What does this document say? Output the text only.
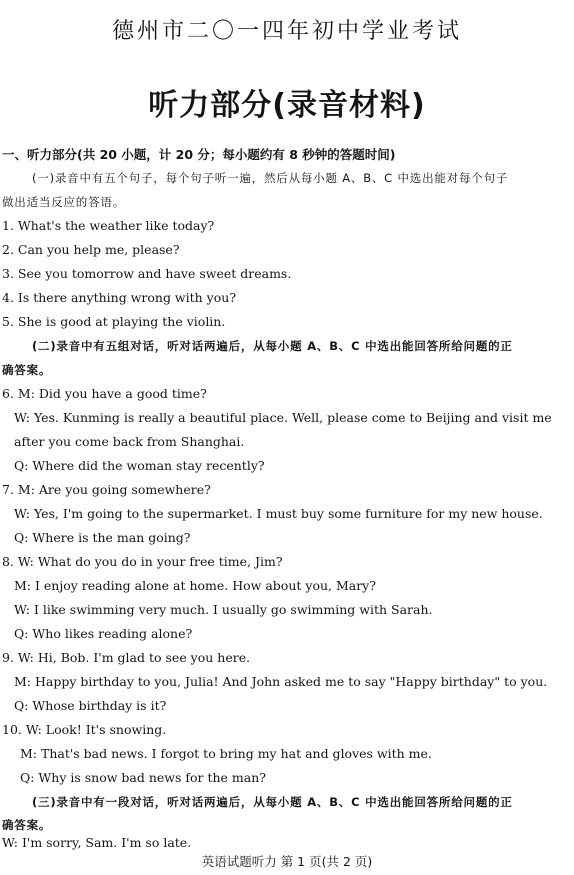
德州市二〇一四年初中学业考试
听力部分(录音材料)
一、听力部分(共 20 小题，计 20 分；每小题约有 8 秒钟的答题时间)
(一)录音中有五个句子，每个句子听一遍，然后从每小题 A、B、C 中选出能对每个句子
做出适当反应的答语。
1. What's the weather like today?
2. Can you help me, please?
3. See you tomorrow and have sweet dreams.
4. Is there anything wrong with you?
5. She is good at playing the violin.
(二)录音中有五组对话，听对话两遍后，从每小题 A、B、C 中选出能回答所给问题的正
确答案。
6. M: Did you have a good time?
W: Yes. Kunming is really a beautiful place. Well, please come to Beijing and visit me
after you come back from Shanghai.
Q: Where did the woman stay recently?
7. M: Are you going somewhere?
W: Yes, I'm going to the supermarket. I must buy some furniture for my new house.
Q: Where is the man going?
8. W: What do you do in your free time, Jim?
M: I enjoy reading alone at home. How about you, Mary?
W: I like swimming very much. I usually go swimming with Sarah.
Q: Who likes reading alone?
9. W: Hi, Bob. I'm glad to see you here.
M: Happy birthday to you, Julia! And John asked me to say "Happy birthday" to you.
Q: Whose birthday is it?
10. W: Look! It's snowing.
M: That's bad news. I forgot to bring my hat and gloves with me.
Q: Why is snow bad news for the man?
(三)录音中有一段对话，听对话两遍后，从每小题 A、B、C 中选出能回答所给问题的正
确答案。
W: I'm sorry, Sam. I'm so late.
英语试题听力 第 1 页(共 2 页)
